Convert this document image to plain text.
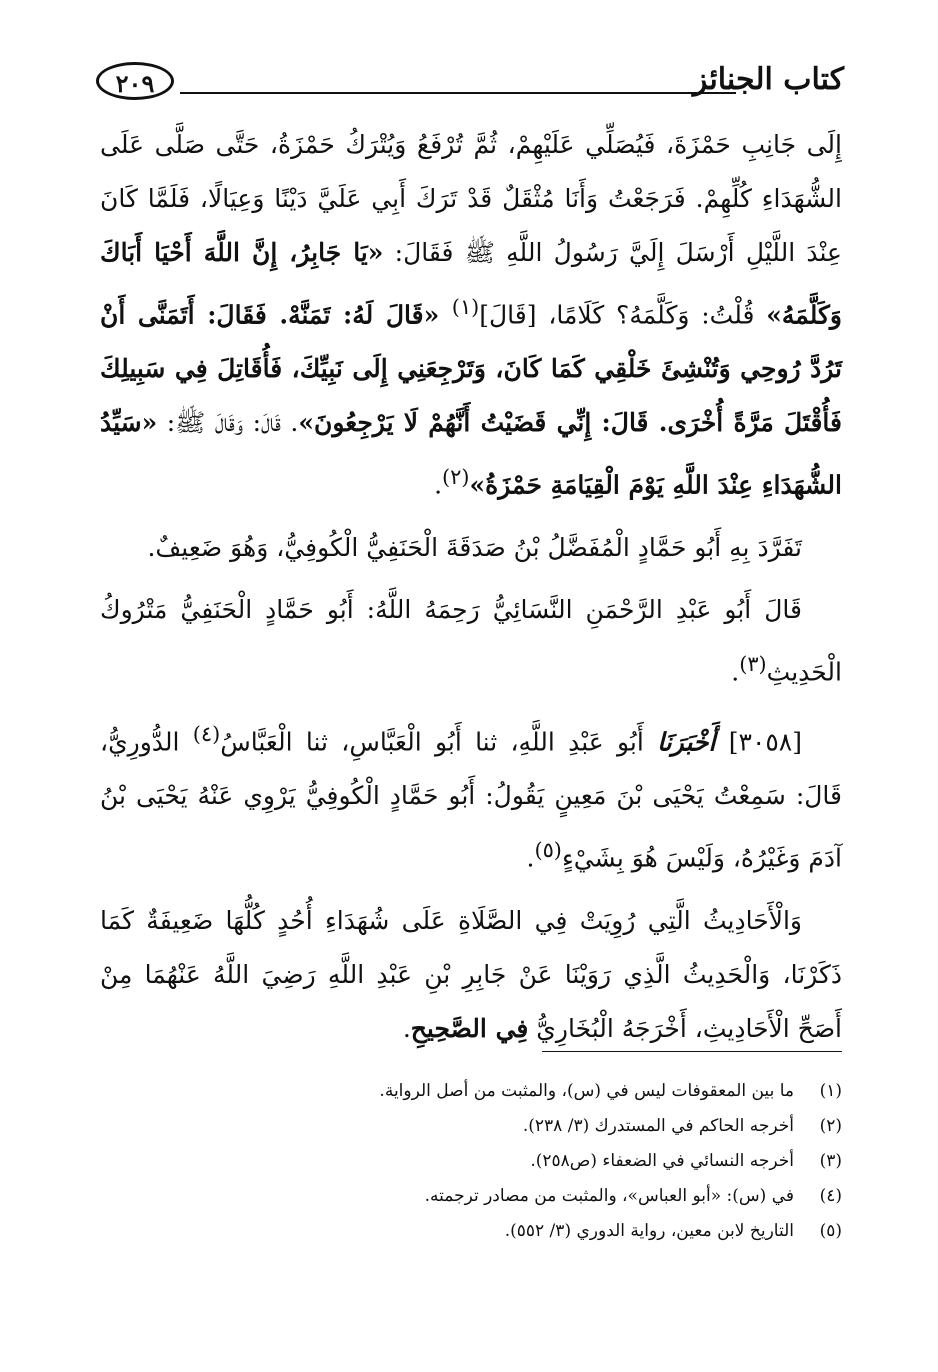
كتاب الجنائز
٢٠٩

إِلَى جَانِبِ حَمْزَةَ، فَيُصَلِّي عَلَيْهِمْ، ثُمَّ تُرْفَعُ وَيُتْرَكُ حَمْزَةُ، حَتَّى صَلَّى عَلَى الشُّهَدَاءِ كُلِّهِمْ. فَرَجَعْتُ وَأَنَا مُثْقَلٌ قَدْ تَرَكَ أَبِي عَلَيَّ دَيْنًا وَعِيَالًا، فَلَمَّا كَانَ عِنْدَ اللَّيْلِ أَرْسَلَ إِلَيَّ رَسُولُ اللَّهِ ﷺ فَقَالَ: «يَا جَابِرُ، إِنَّ اللَّهَ أَحْيَا أَبَاكَ وَكَلَّمَهُ» قُلْتُ: وَكَلَّمَهُ؟ كَلَامًا، [قَالَ]$^{(١)}$ «قَالَ لَهُ: تَمَنَّهْ. فَقَالَ: أَتَمَنَّى أَنْ تَرُدَّ رُوحِي وَتُنْشِئَ خَلْقِي كَمَا كَانَ، وَتَرْجِعَنِي إِلَى نَبِيِّكَ، فَأُقَاتِلَ فِي سَبِيلِكَ فَأُقْتَلَ مَرَّةً أُخْرَى. قَالَ: إِنِّي قَضَيْتُ أَنَّهُمْ لَا يَرْجِعُونَ». قَالَ: وَقَالَ ﷺ: «سَيِّدُ الشُّهَدَاءِ عِنْدَ اللَّهِ يَوْمَ الْقِيَامَةِ حَمْزَةُ»$^{(٢)}$.

تَفَرَّدَ بِهِ أَبُو حَمَّادٍ الْمُفَضَّلُ بْنُ صَدَقَةَ الْحَنَفِيُّ الْكُوفِيُّ، وَهُوَ ضَعِيفٌ.

قَالَ أَبُو عَبْدِ الرَّحْمَنِ النَّسَائِيُّ رَحِمَهُ اللَّهُ: أَبُو حَمَّادٍ الْحَنَفِيُّ مَتْرُوكُ الْحَدِيثِ$^{(٣)}$.

[٣٠٥٨] أَخْبَرَنَا أَبُو عَبْدِ اللَّهِ، ثنا أَبُو الْعَبَّاسِ، ثنا الْعَبَّاسُ$^{(٤)}$ الدُّورِيُّ، قَالَ: سَمِعْتُ يَحْيَى بْنَ مَعِينٍ يَقُولُ: أَبُو حَمَّادٍ الْكُوفِيُّ يَرْوِي عَنْهُ يَحْيَى بْنُ آدَمَ وَغَيْرُهُ، وَلَيْسَ هُوَ بِشَيْءٍ$^{(٥)}$.

وَالْأَحَادِيثُ الَّتِي رُوِيَتْ فِي الصَّلَاةِ عَلَى شُهَدَاءِ أُحُدٍ كُلُّهَا ضَعِيفَةٌ كَمَا ذَكَرْنَا، وَالْحَدِيثُ الَّذِي رَوَيْنَا عَنْ جَابِرِ بْنِ عَبْدِ اللَّهِ رَضِيَ اللَّهُ عَنْهُمَا مِنْ أَصَحِّ الْأَحَادِيثِ، أَخْرَجَهُ الْبُخَارِيُّ فِي الصَّحِيحِ.

(١)
ما بين المعقوفات ليس في (س)، والمثبت من أصل الرواية.
(٢)
أخرجه الحاكم في المستدرك (٣/ ٢٣٨).
(٣)
أخرجه النسائي في الضعفاء (ص٢٥٨).
(٤)
في (س): «أبو العباس»، والمثبت من مصادر ترجمته.
(٥)
التاريخ لابن معين، رواية الدوري (٣/ ٥٥٢).
